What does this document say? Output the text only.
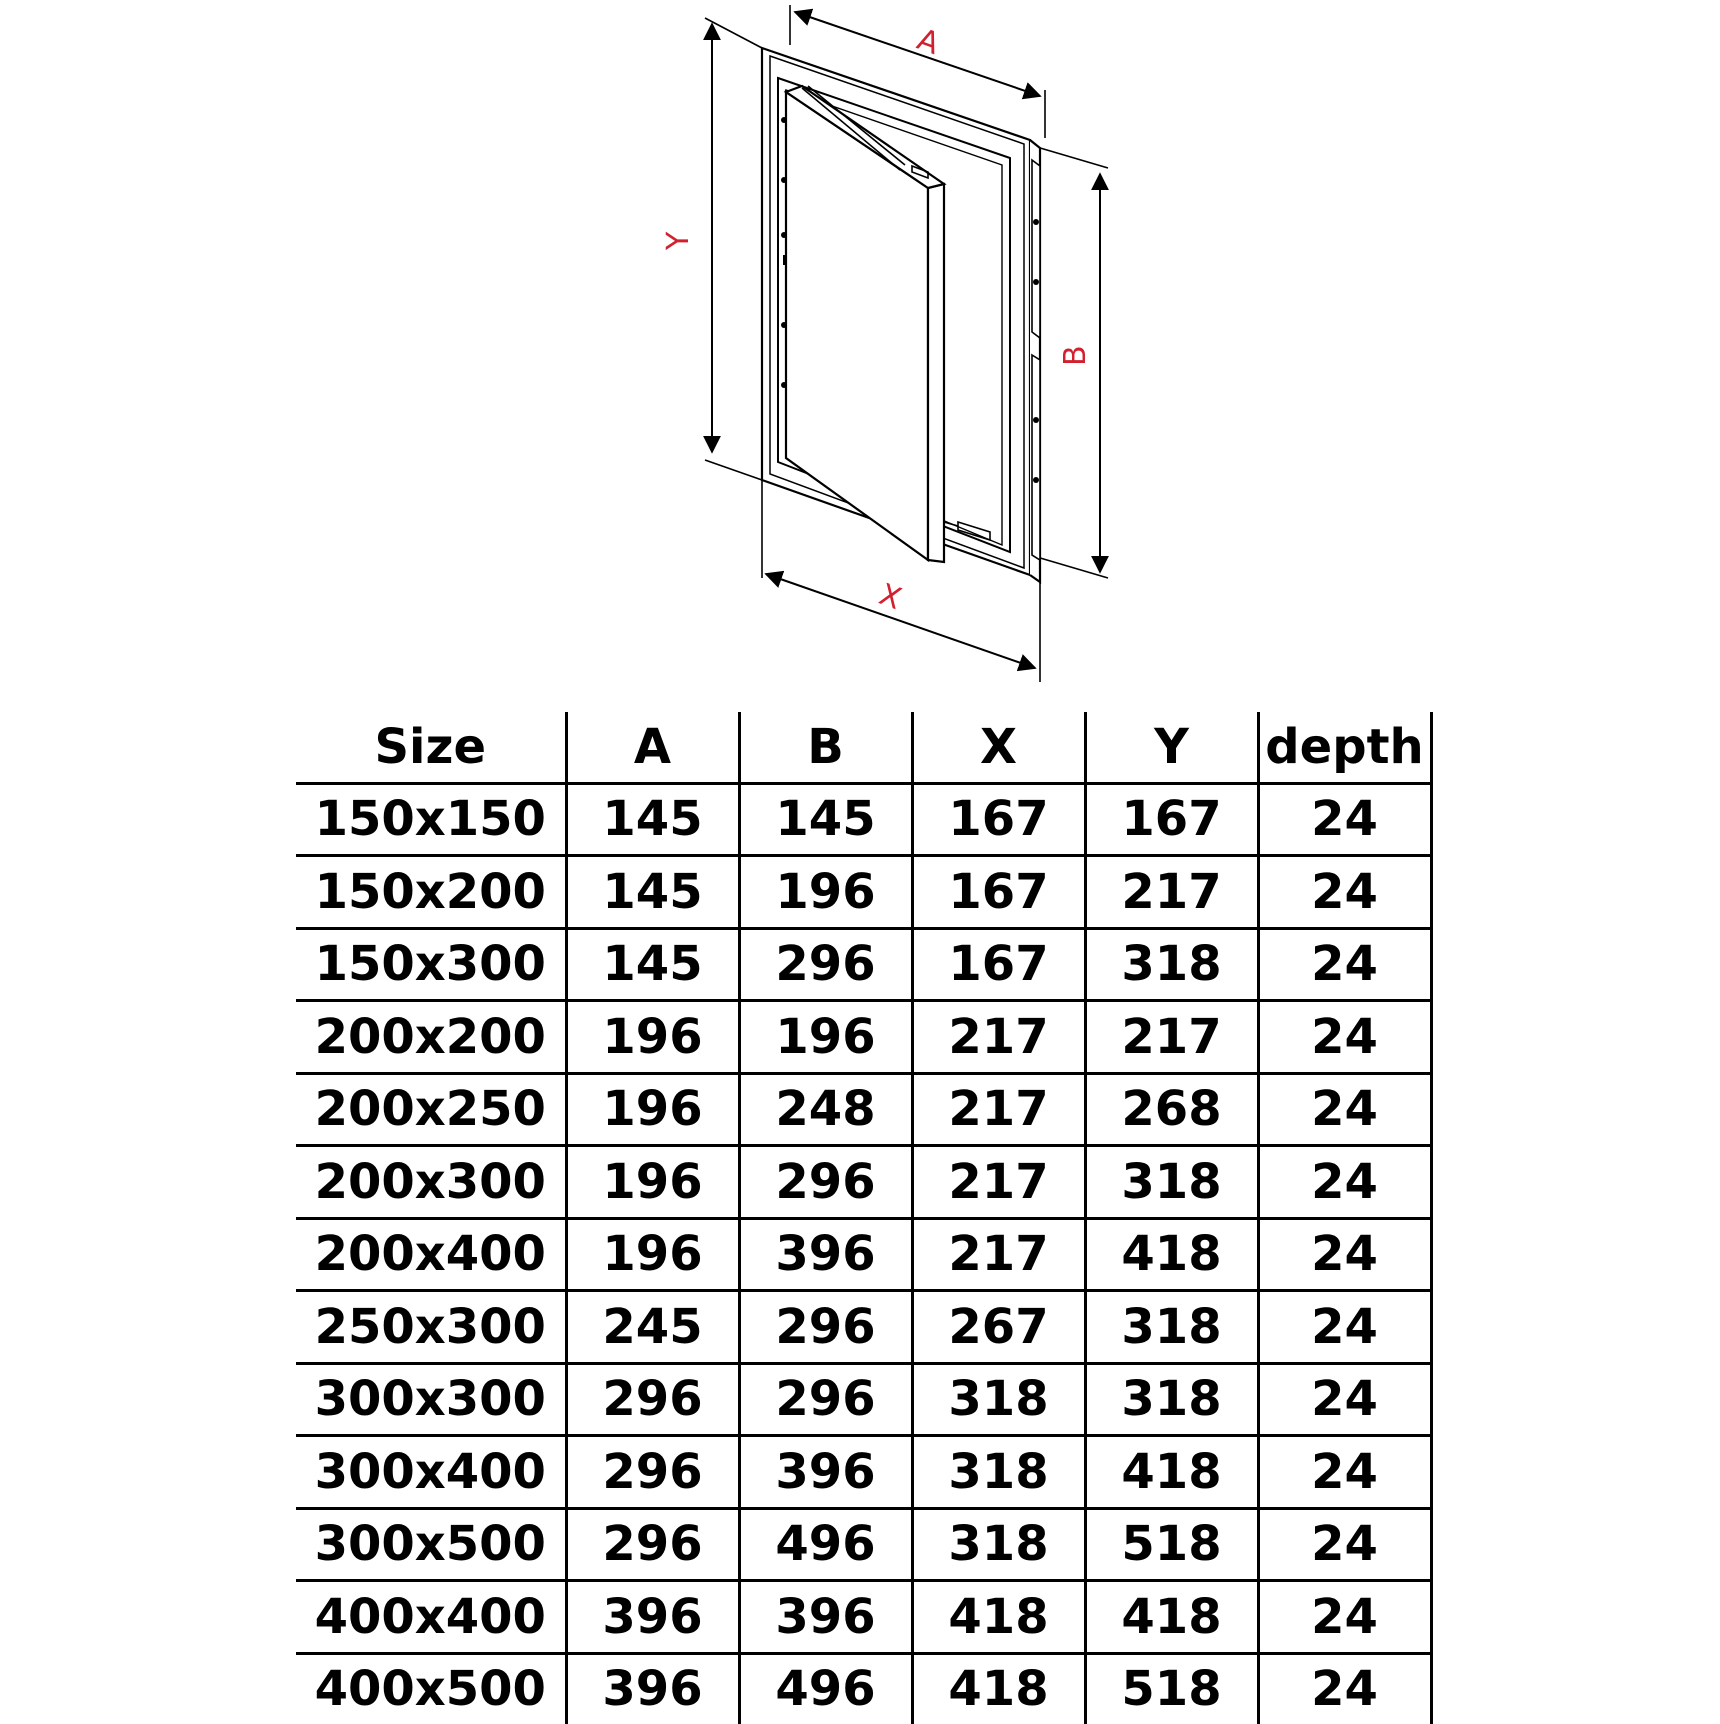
A
Y
B
X
Size	A	B	X	Y	depth
150x150	145	145	167	167	24
150x200	145	196	167	217	24
150x300	145	296	167	318	24
200x200	196	196	217	217	24
200x250	196	248	217	268	24
200x300	196	296	217	318	24
200x400	196	396	217	418	24
250x300	245	296	267	318	24
300x300	296	296	318	318	24
300x400	296	396	318	418	24
300x500	296	496	318	518	24
400x400	396	396	418	418	24
400x500	396	496	418	518	24
